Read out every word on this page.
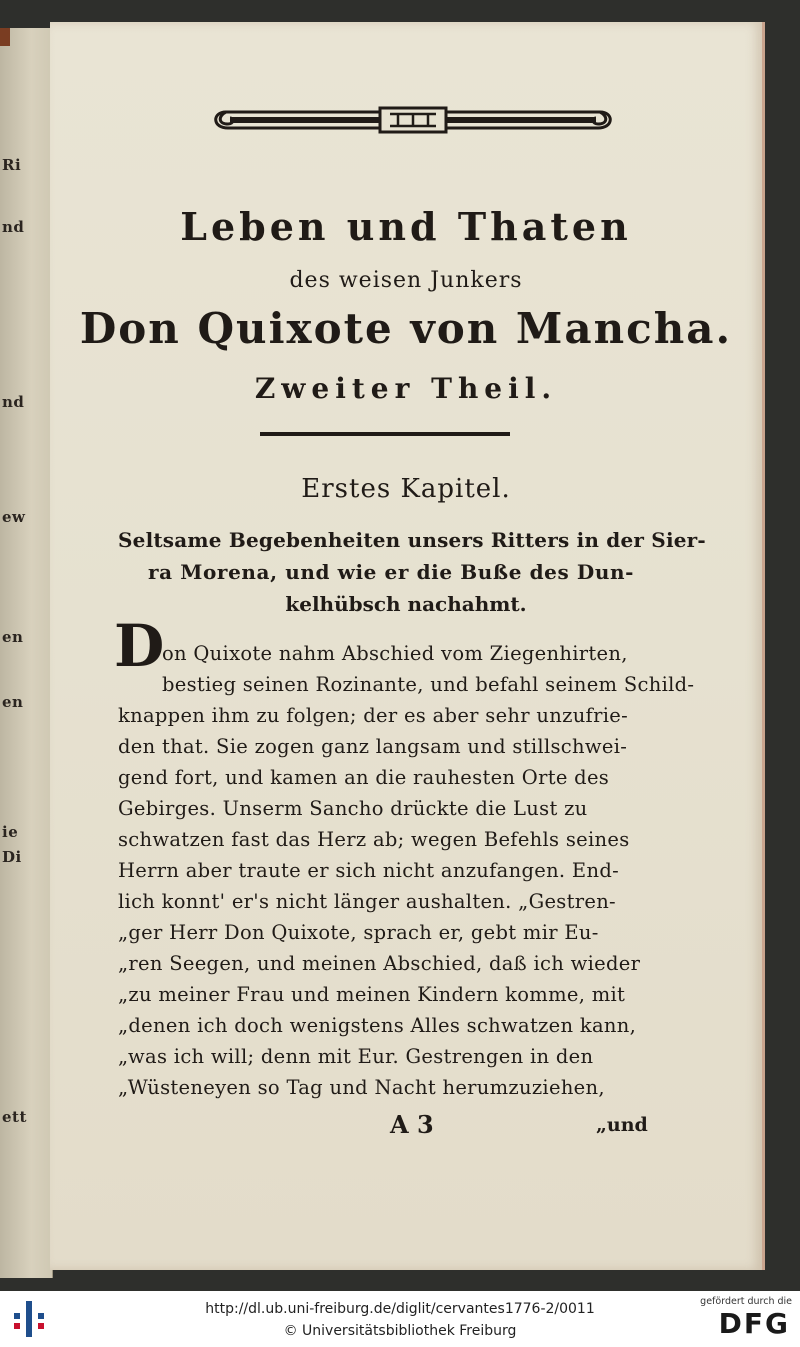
Ri
nd
nd
ew
en
en
ie
Di
ett
Leben und Thaten
des weisen Junkers
Don Quixote von Mancha.
Zweiter Theil.
Erstes Kapitel.
Seltsame Begebenheiten unsers Ritters in der Sier-
ra Morena, und wie er die Buße des Dun-
kelhübsch nachahmt.
D
on Quixote nahm Abschied vom Ziegenhirten,
bestieg seinen Rozinante, und befahl seinem Schild-
knappen ihm zu folgen; der es aber sehr unzufrie-
den that. Sie zogen ganz langsam und stillschwei-
gend fort, und kamen an die rauhesten Orte des
Gebirges. Unserm Sancho drückte die Lust zu
schwatzen fast das Herz ab; wegen Befehls seines
Herrn aber traute er sich nicht anzufangen. End-
lich konnt' er's nicht länger aushalten. „Gestren-
„ger Herr Don Quixote, sprach er, gebt mir Eu-
„ren Seegen, und meinen Abschied, daß ich wieder
„zu meiner Frau und meinen Kindern komme, mit
„denen ich doch wenigstens Alles schwatzen kann,
„was ich will; denn mit Eur. Gestrengen in den
„Wüsteneyen so Tag und Nacht herumzuziehen,
A 3	„und
http://dl.ub.uni-freiburg.de/diglit/cervantes1776-2/0011
© Universitätsbibliothek Freiburg
gefördert durch die
DFG
